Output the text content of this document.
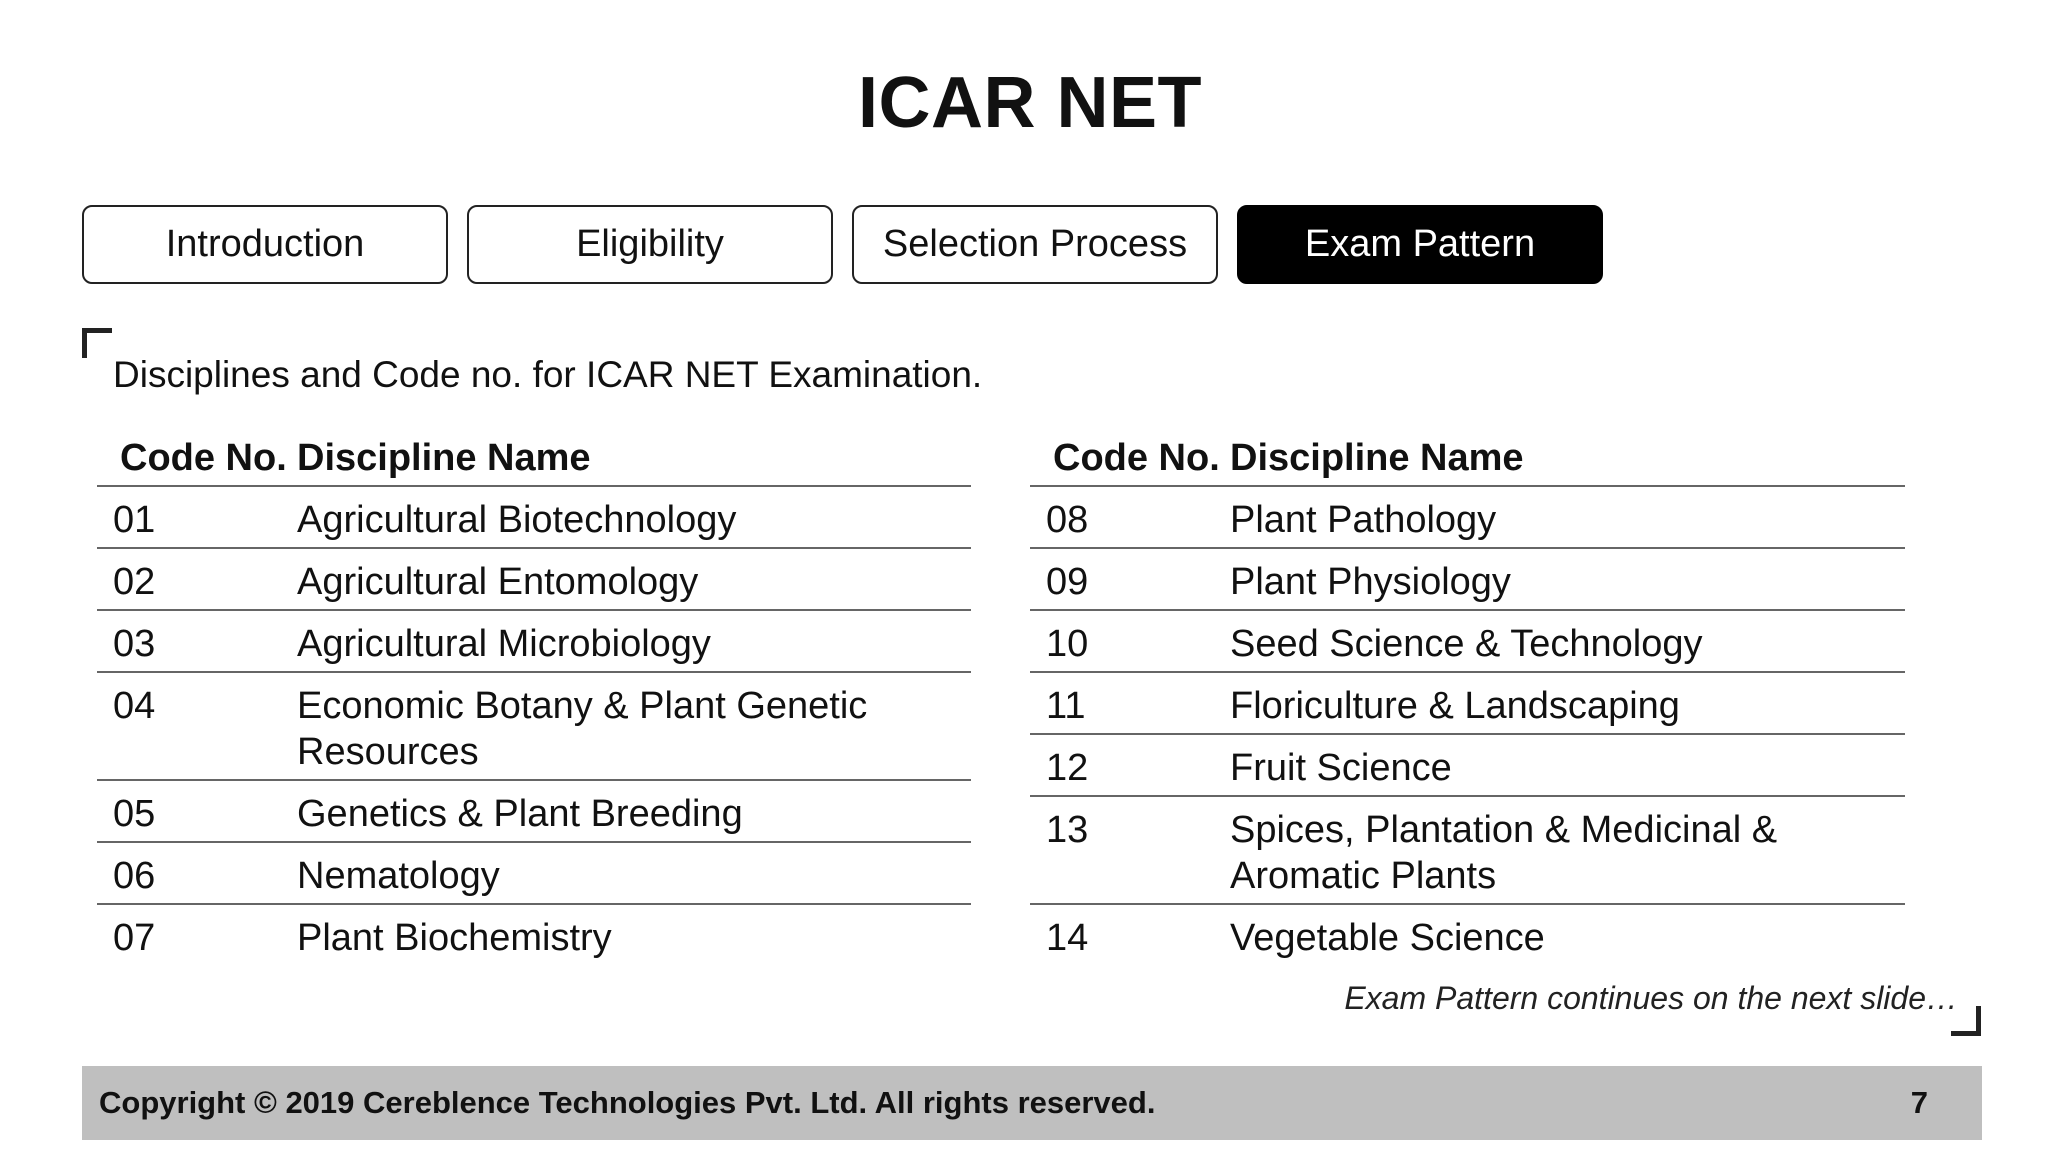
ICAR NET
Introduction	Eligibility	Selection Process	Exam Pattern
Disciplines and Code no. for ICAR NET Examination.
Code No.	Discipline Name
01	Agricultural Biotechnology
02	Agricultural Entomology
03	Agricultural Microbiology
04	Economic Botany & Plant Genetic Resources
05	Genetics & Plant Breeding
06	Nematology
07	Plant Biochemistry
Code No.	Discipline Name
08	Plant Pathology
09	Plant Physiology
10	Seed Science & Technology
11	Floriculture & Landscaping
12	Fruit Science
13	Spices, Plantation & Medicinal & Aromatic Plants
14	Vegetable Science
Exam Pattern continues on the next slide…
Copyright © 2019 Cereblence Technologies Pvt. Ltd. All rights reserved.	7
